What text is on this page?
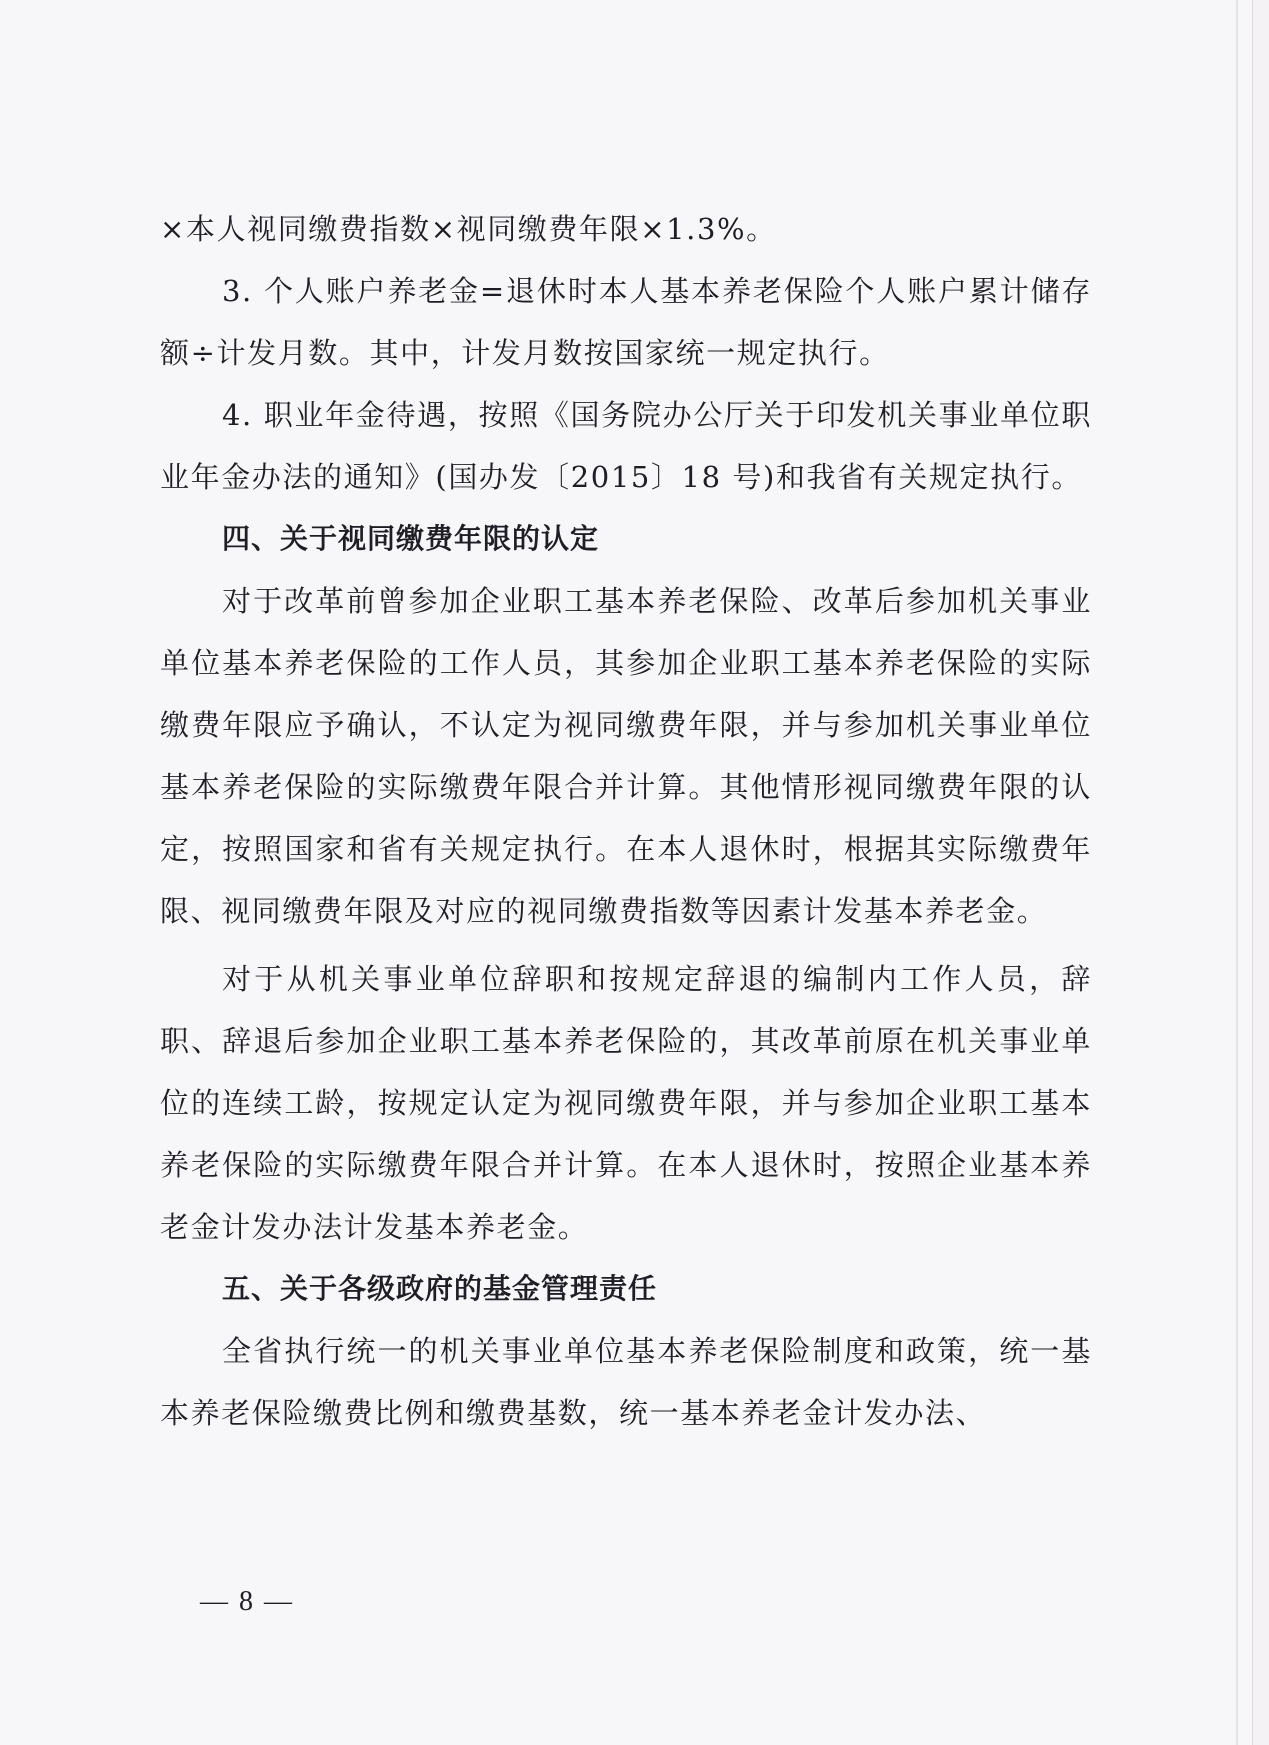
×本人视同缴费指数×视同缴费年限×1.3%。

3. 个人账户养老金=退休时本人基本养老保险个人账户累计储存额÷计发月数。其中，计发月数按国家统一规定执行。

4. 职业年金待遇，按照《国务院办公厅关于印发机关事业单位职业年金办法的通知》(国办发〔2015〕18 号)和我省有关规定执行。

四、关于视同缴费年限的认定

对于改革前曾参加企业职工基本养老保险、改革后参加机关事业单位基本养老保险的工作人员，其参加企业职工基本养老保险的实际缴费年限应予确认，不认定为视同缴费年限，并与参加机关事业单位基本养老保险的实际缴费年限合并计算。其他情形视同缴费年限的认定，按照国家和省有关规定执行。在本人退休时，根据其实际缴费年限、视同缴费年限及对应的视同缴费指数等因素计发基本养老金。

对于从机关事业单位辞职和按规定辞退的编制内工作人员，辞职、辞退后参加企业职工基本养老保险的，其改革前原在机关事业单位的连续工龄，按规定认定为视同缴费年限，并与参加企业职工基本养老保险的实际缴费年限合并计算。在本人退休时，按照企业基本养老金计发办法计发基本养老金。

五、关于各级政府的基金管理责任

全省执行统一的机关事业单位基本养老保险制度和政策，统一基本养老保险缴费比例和缴费基数，统一基本养老金计发办法、

— 8 —
